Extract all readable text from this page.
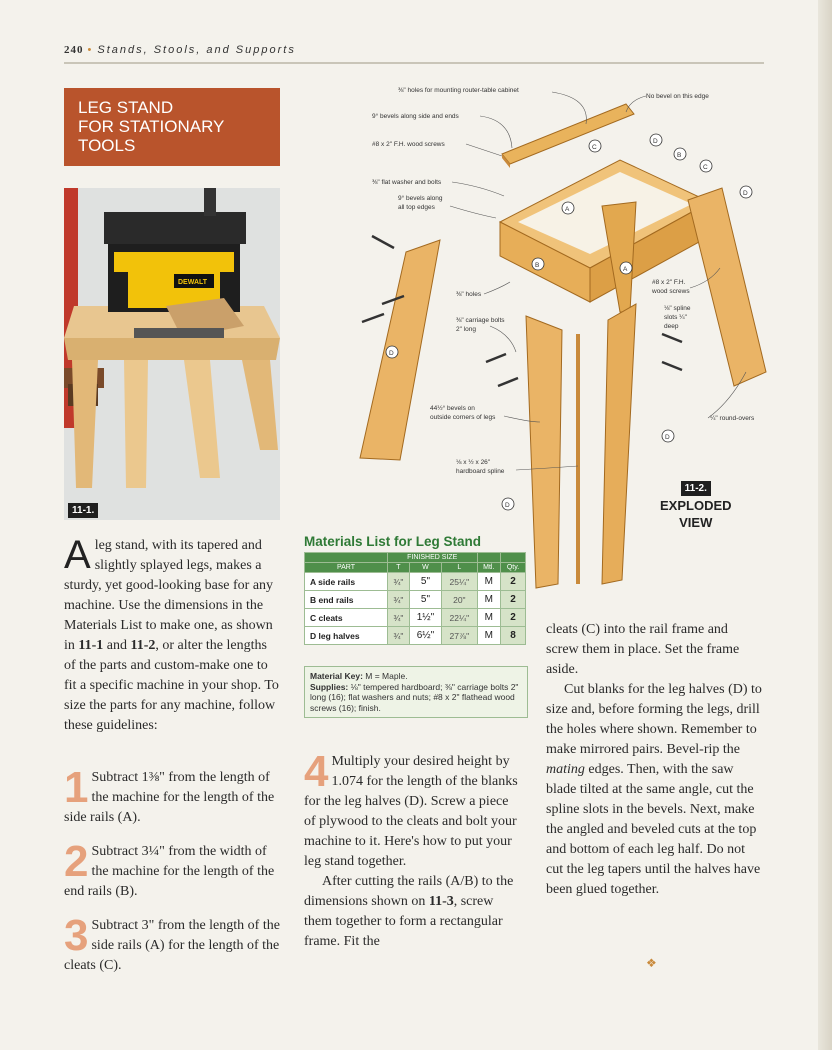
240 • Stands, Stools, and Supports
LEG STAND
FOR STATIONARY
TOOLS
DEWALT
11-1.
A leg stand, with its tapered and slightly splayed legs, makes a sturdy, yet good-looking base for any machine. Use the dimensions in the Materials List to make one, as shown in 11-1 and 11-2, or alter the lengths of the parts and custom-make one to fit a specific machine in your shop. To size the parts for any machine, follow these guidelines:
1 Subtract 1⅜" from the length of the machine for the length of the side rails (A).
2 Subtract 3¼" from the width of the machine for the length of the end rails (B).
3 Subtract 3" from the length of the side rails (A) for the length of the cleats (C).
Materials List for Leg Stand
	FINISHED SIZE				
PART	T	W	L	Mtl.	Qty.
A side rails	¾"	5"	25¼"	M	2
B end rails	¾"	5"	20"	M	2
C cleats	¾"	1½"	22¼"	M	2
D leg halves	¾"	6½"	27⅞"	M	8
Material Key: M = Maple.
Supplies: ⅛" tempered hardboard; ⅜" carriage bolts 2" long (16); flat washers and nuts; #8 x 2" flathead wood screws (16); finish.

4 Multiply your desired height by 1.074 for the length of the blanks for the leg halves (D). Screw a piece of plywood to the cleats and bolt your machine to it. Here's how to put your leg stand together.

After cutting the rails (A/B) to the dimensions shown on 11-3, screw them together to form a rectangular frame. Fit the

cleats (C) into the rail frame and screw them in place. Set the frame aside.

Cut blanks for the leg halves (D) to size and, before forming the legs, drill the holes where shown. Remember to make mirrored pairs. Bevel-rip the mating edges. Then, with the saw blade tilted at the same angle, cut the spline slots in the bevels. Next, make the angled and beveled cuts at the top and bottom of each leg half. Do not cut the leg tapers until the halves have been glued together.

C
A
B
A
D
B
C
D
D
D
D
⅜" holes for mounting router-table cabinet
No bevel on this edge
9° bevels along side and ends
#8 x 2" F.H. wood screws
⅜" flat washer and bolts
9° bevels along
all top edges
⅜" holes
⅜" carriage bolts
2" long
#8 x 2" F.H.
wood screws
⅛" spline
slots ¼"
deep
44½° bevels on
outside corners of legs	¼" round-overs
⅛ x ½ x 26"
hardboard spline
11-2.
EXPLODED
VIEW
❖
